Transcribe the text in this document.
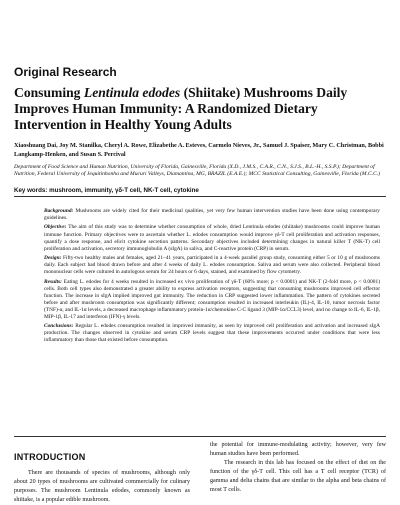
Original Research
Consuming Lentinula edodes (Shiitake) Mushrooms Daily Improves Human Immunity: A Randomized Dietary Intervention in Healthy Young Adults

Xiaoshuang Dai, Joy M. Stanilka, Cheryl A. Rowe, Elizabethe A. Esteves, Carmelo Nieves, Jr., Samuel J. Spaiser, Mary C. Christman, Bobbi Langkamp-Henken, and Susan S. Percival

Department of Food Science and Human Nutrition, University of Florida, Gainesville, Florida (X.D., J.M.S., C.A.R., C.N., S.J.S., B.L.-H., S.S.P.); Department of Nutrition, Federal University of Jequitinhonha and Mucuri Valleys, Diamantina, MG, BRAZIL (E.A.E.); MCC Statistical Consulting, Gainesville, Florida (M.C.C.)

Key words: mushroom, immunity, γδ-T cell, NK-T cell, cytokine

Background: Mushrooms are widely cited for their medicinal qualities, yet very few human intervention studies have been done using contemporary guidelines.

Objective: The aim of this study was to determine whether consumption of whole, dried Lentinula edodes (shiitake) mushrooms could improve human immune function. Primary objectives were to ascertain whether L. edodes consumption would improve γδ-T cell proliferation and activation responses, quantify a dose response, and elicit cytokine secretion patterns. Secondary objectives included determining changes in natural killer T (NK-T) cell proliferation and activation, secretory immunoglobulin A (sIgA) in saliva, and C-reactive protein (CRP) in serum.

Design: Fifty-two healthy males and females, aged 21–41 years, participated in a 4-week parallel group study, consuming either 5 or 10 g of mushrooms daily. Each subject had blood drawn before and after 4 weeks of daily L. edodes consumption. Saliva and serum were also collected. Peripheral blood mononuclear cells were cultured in autologous serum for 24 hours or 6 days, stained, and examined by flow cytometry.

Results: Eating L. edodes for 4 weeks resulted in increased ex vivo proliferation of γδ-T (60% more; p < 0.0001) and NK-T (2-fold more, p < 0.0001) cells. Both cell types also demonstrated a greater ability to express activation receptors, suggesting that consuming mushrooms improved cell effector function. The increase in sIgA implied improved gut immunity. The reduction in CRP suggested lower inflammation. The pattern of cytokines secreted before and after mushroom consumption was significantly different; consumption resulted in increased interleukin (IL)-4, IL-10, tumor necrosis factor (TNF)-α, and IL-1α levels, a decreased macrophage inflammatory protein-1α/chemokine C-C ligand 3 (MIP-1α/CCL3) level, and no change to IL-6, IL-1β, MIP-1β, IL-17 and interferon (IFN)-γ levels.

Conclusions: Regular L. edodes consumption resulted in improved immunity, as seen by improved cell proliferation and activation and increased sIgA production. The changes observed in cytokine and serum CRP levels suggest that these improvements occurred under conditions that were less inflammatory than those that existed before consumption.

INTRODUCTION
There are thousands of species of mushrooms, although only about 20 types of mushrooms are cultivated commercially for culinary purposes. The mushroom Lentinula edodes, commonly known as shiitake, is a popular edible mushroom.

the potential for immune-modulating activity; however, very few human studies have been performed.

The research in this lab has focused on the effect of diet on the function of the γδ-T cell. This cell has a T cell receptor (TCR) of gamma and delta chains that are similar to the alpha and beta chains of most T cells.
